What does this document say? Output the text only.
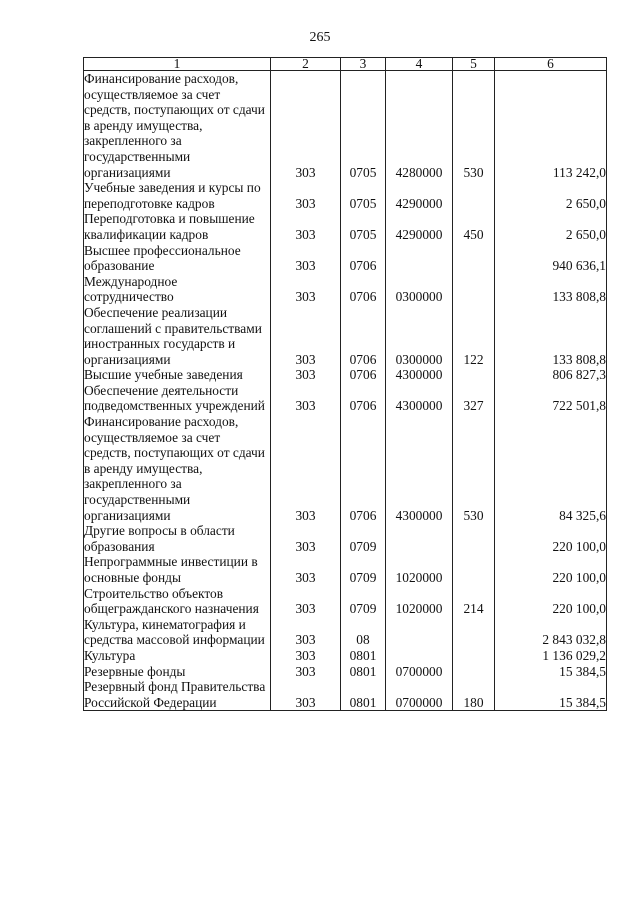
265
1	2	3	4	5	6
Финансирование расходов, осуществляемое за счет средств, поступающих от сдачи в аренду имущества, закрепленного за государственными организациями	303	0705	4280000	530	113 242,0
Учебные заведения и курсы по переподготовке кадров	303	0705	4290000		2 650,0
Переподготовка и повышение квалификации кадров	303	0705	4290000	450	2 650,0
Высшее профессиональное образование	303	0706			940 636,1
Международное сотрудничество	303	0706	0300000		133 808,8
Обеспечение реализации соглашений с правительствами иностранных государств и организациями	303	0706	0300000	122	133 808,8
Высшие учебные заведения	303	0706	4300000		806 827,3
Обеспечение деятельности подведомственных учреждений	303	0706	4300000	327	722 501,8
Финансирование расходов, осуществляемое за счет средств, поступающих от сдачи в аренду имущества, закрепленного за государственными организациями	303	0706	4300000	530	84 325,6
Другие вопросы в области образования	303	0709			220 100,0
Непрограммные инвестиции в основные фонды	303	0709	1020000		220 100,0
Строительство объектов общегражданского назначения	303	0709	1020000	214	220 100,0
Культура, кинематография и средства массовой информации	303	08			2 843 032,8
Культура	303	0801			1 136 029,2
Резервные фонды	303	0801	0700000		15 384,5
Резервный фонд Правительства Российской Федерации	303	0801	0700000	180	15 384,5
